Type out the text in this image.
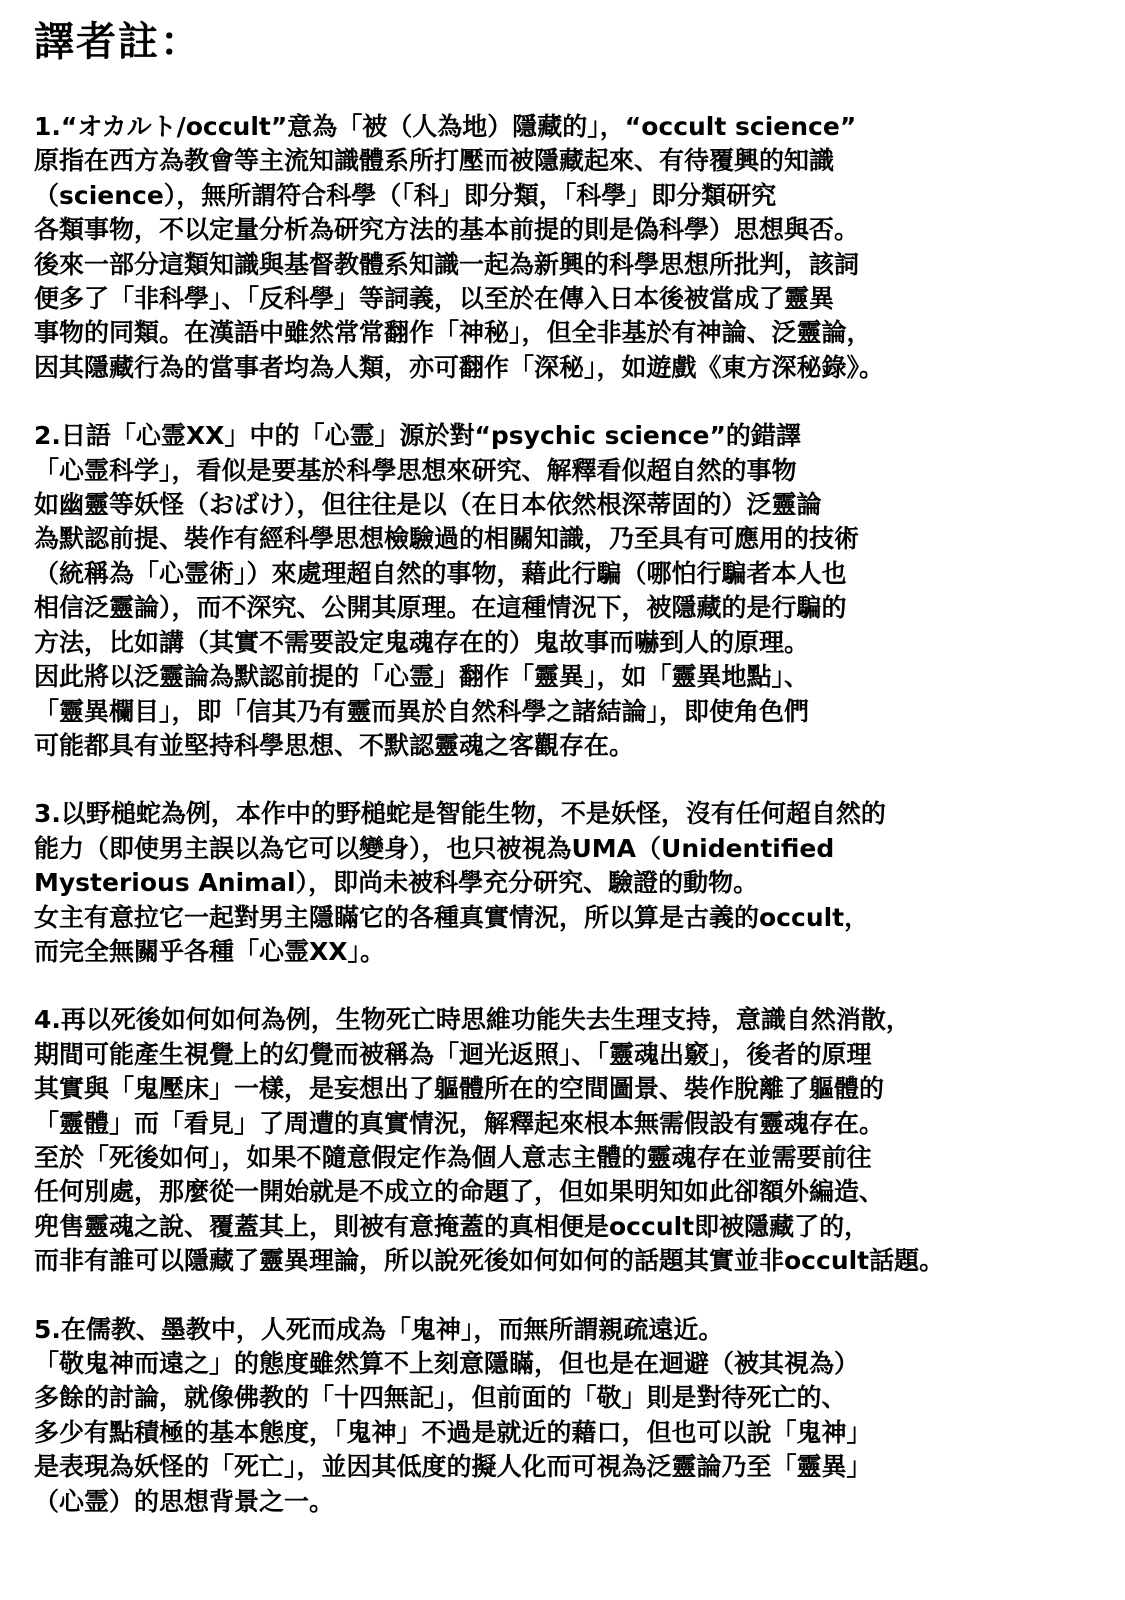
譯者註：
1.“オカルト/occult”意為「被（人為地）隱藏的」，“occult science”
原指在西方為教會等主流知識體系所打壓而被隱藏起來、有待覆興的知識
（science），無所謂符合科學（「科」即分類，「科學」即分類研究
各類事物，不以定量分析為研究方法的基本前提的則是偽科學）思想與否。
後來一部分這類知識與基督教體系知識一起為新興的科學思想所批判，該詞
便多了「非科學」、「反科學」等詞義，以至於在傳入日本後被當成了靈異
事物的同類。在漢語中雖然常常翻作「神秘」，但全非基於有神論、泛靈論，
因其隱藏行為的當事者均為人類，亦可翻作「深秘」，如遊戲《東方深秘錄》。
2.日語「心霊XX」中的「心霊」源於對“psychic science”的錯譯
「心霊科学」，看似是要基於科學思想來研究、解釋看似超自然的事物
如幽靈等妖怪（おばけ），但往往是以（在日本依然根深蒂固的）泛靈論
為默認前提、裝作有經科學思想檢驗過的相關知識，乃至具有可應用的技術
（統稱為「心霊術」）來處理超自然的事物，藉此行騙（哪怕行騙者本人也
相信泛靈論），而不深究、公開其原理。在這種情況下，被隱藏的是行騙的
方法，比如講（其實不需要設定鬼魂存在的）鬼故事而嚇到人的原理。
因此將以泛靈論為默認前提的「心霊」翻作「靈異」，如「靈異地點」、
「靈異欄目」，即「信其乃有靈而異於自然科學之諸結論」，即使角色們
可能都具有並堅持科學思想、不默認靈魂之客觀存在。
3.以野槌蛇為例，本作中的野槌蛇是智能生物，不是妖怪，沒有任何超自然的
能力（即使男主誤以為它可以變身），也只被視為UMA（Unidentified
Mysterious Animal），即尚未被科學充分研究、驗證的動物。
女主有意拉它一起對男主隱瞞它的各種真實情況，所以算是古義的occult，
而完全無關乎各種「心霊XX」。
4.再以死後如何如何為例，生物死亡時思維功能失去生理支持，意識自然消散，
期間可能產生視覺上的幻覺而被稱為「迴光返照」、「靈魂出竅」，後者的原理
其實與「鬼壓床」一樣，是妄想出了軀體所在的空間圖景、裝作脫離了軀體的
「靈體」而「看見」了周遭的真實情況，解釋起來根本無需假設有靈魂存在。
至於「死後如何」，如果不隨意假定作為個人意志主體的靈魂存在並需要前往
任何別處，那麼從一開始就是不成立的命題了，但如果明知如此卻額外編造、
兜售靈魂之說、覆蓋其上，則被有意掩蓋的真相便是occult即被隱藏了的，
而非有誰可以隱藏了靈異理論，所以說死後如何如何的話題其實並非occult話題。
5.在儒教、墨教中，人死而成為「鬼神」，而無所謂親疏遠近。
「敬鬼神而遠之」的態度雖然算不上刻意隱瞞，但也是在迴避（被其視為）
多餘的討論，就像佛教的「十四無記」，但前面的「敬」則是對待死亡的、
多少有點積極的基本態度，「鬼神」不過是就近的藉口，但也可以說「鬼神」
是表現為妖怪的「死亡」，並因其低度的擬人化而可視為泛靈論乃至「靈異」
（心霊）的思想背景之一。
